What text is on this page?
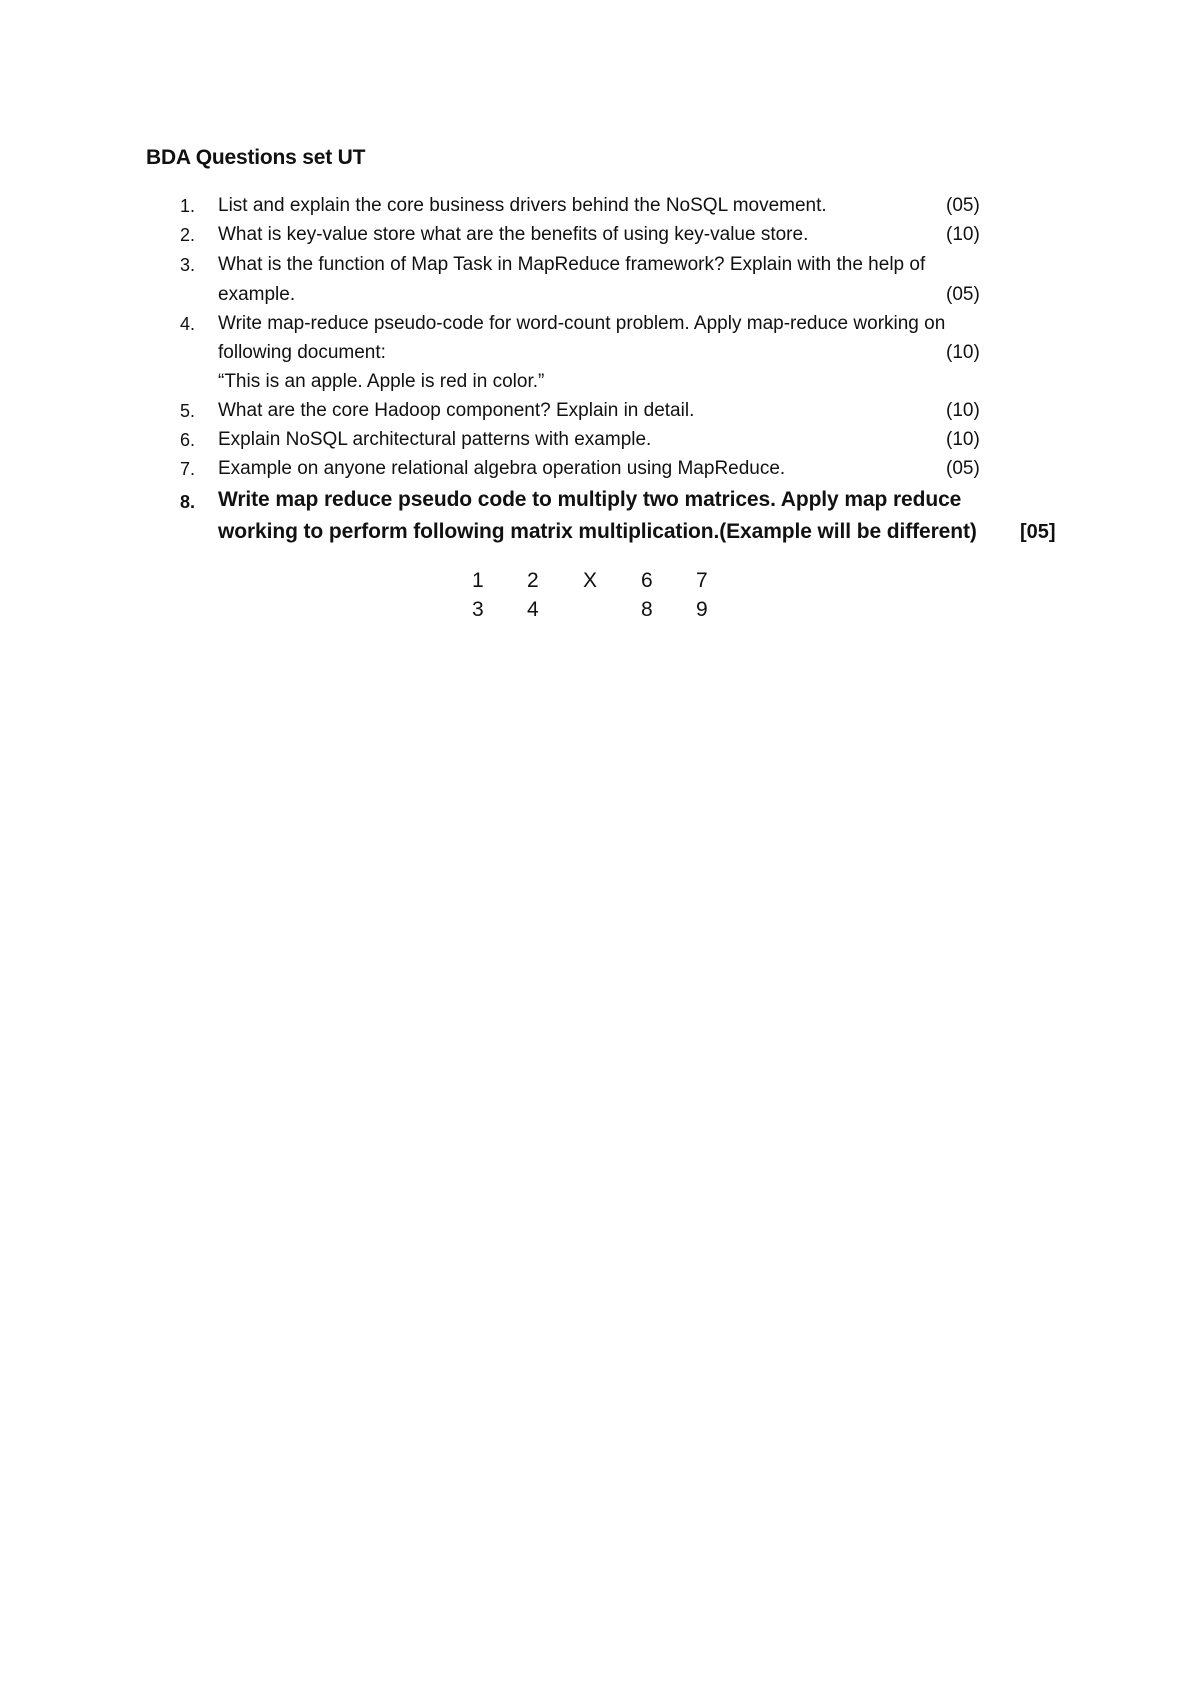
BDA Questions set UT
1. List and explain the core business drivers behind the NoSQL movement.	(05)
2. What is key-value store what are the benefits of using key-value store.	(10)
3. What is the function of Map Task in MapReduce framework? Explain with the help of
example.	(05)
4. Write map-reduce pseudo-code for word-count problem. Apply map-reduce working on
following document:	(10)
“This is an apple. Apple is red in color.”
5. What are the core Hadoop component? Explain in detail.	(10)
6. Explain NoSQL architectural patterns with example.	(10)
7. Example on anyone relational algebra operation using MapReduce.	(05)
8. Write map reduce pseudo code to multiply two matrices. Apply map reduce
working to perform following matrix multiplication.(Example will be different) [05]
1 2 X 6 7
3 4	8 9
